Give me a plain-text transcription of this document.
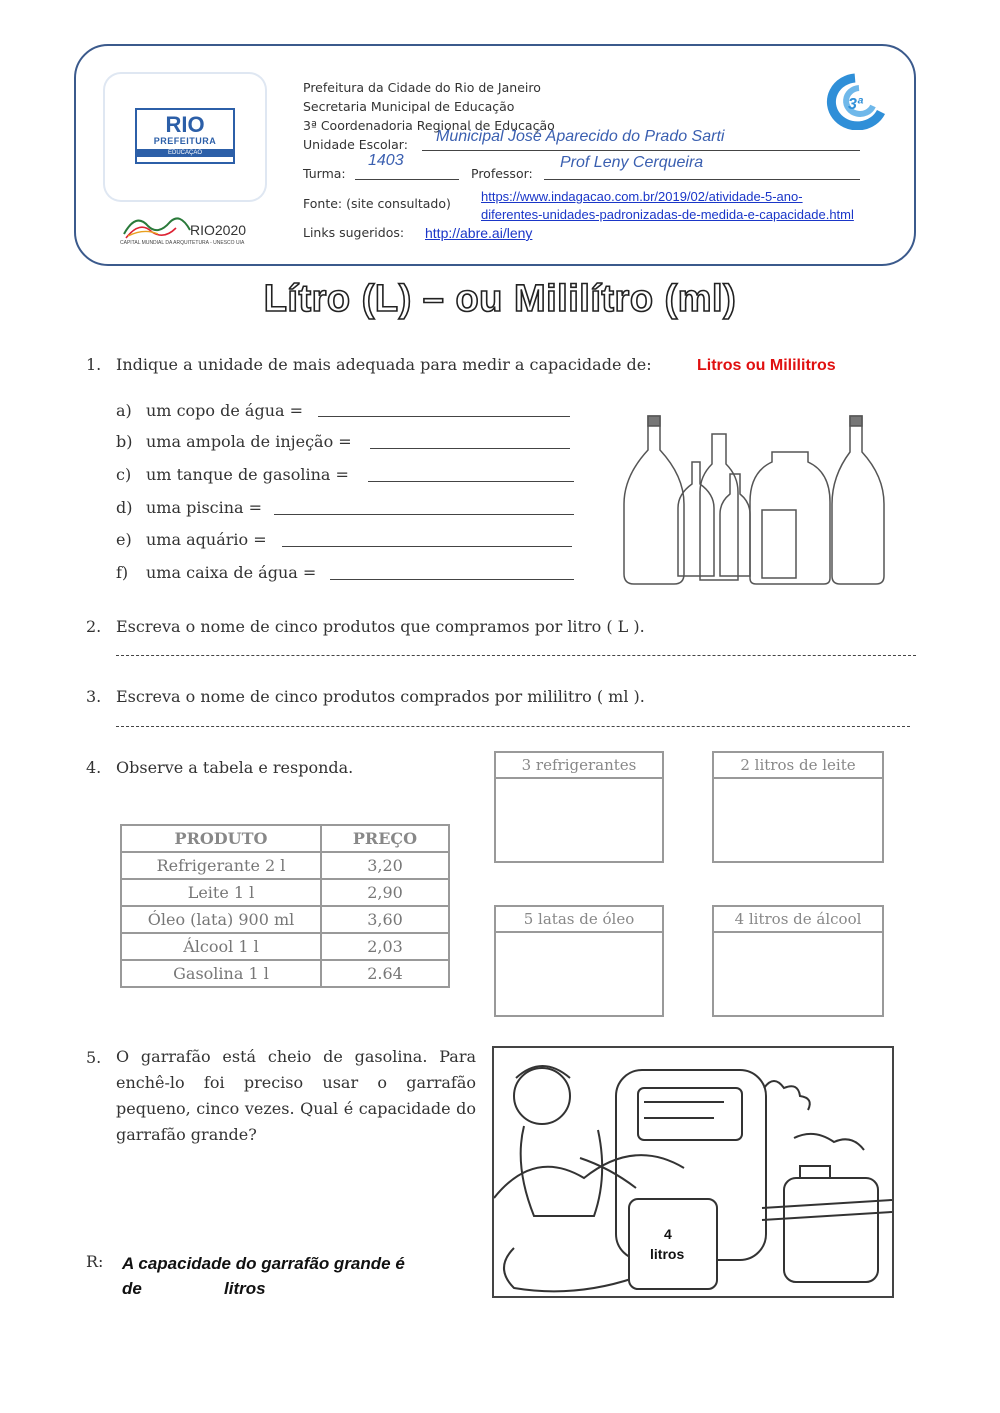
RIO
PREFEITURA
EDUCAÇÃO
RIO2020
CAPITAL MUNDIAL DA ARQUITETURA - UNESCO UIA
Prefeitura da Cidade do Rio de Janeiro
Secretaria Municipal de Educação
3ª Coordenadoria Regional de Educação
Unidade Escolar: Municipal José Aparecido do Prado Sarti
Turma:
1403
Professor:
Prof Leny Cerqueira
Fonte: (site consultado) https://www.indagacao.com.br/2019/02/atividade-5-ano-
diferentes-unidades-padronizadas-de-medida-e-capacidade.html
Links sugeridos: http://abre.ai/leny
3ª
Lítro (L) – ou Mililítro (ml)
1. Indique a unidade de mais adequada para medir a capacidade de:	Litros ou Mililitros
a) um copo de água =
b) uma ampola de injeção =
c) um tanque de gasolina =
d) uma piscina =
e) uma aquário =
f) uma caixa de água =
2. Escreva o nome de cinco produtos que compramos por litro ( L ).
3. Escreva o nome de cinco produtos comprados por mililitro ( ml ).
4. Observe a tabela e responda.
PRODUTO	PREÇO
Refrigerante 2 l	3,20
Leite 1 l	2,90
Óleo (lata) 900 ml	3,60
Álcool 1 l	2,03
Gasolina 1 l	2.64
3 refrigerantes	2 litros de leite
5 latas de óleo	4 litros de álcool
5. O garrafão está cheio de gasolina. Para enchê-lo foi preciso usar o garrafão pequeno, cinco vezes. Qual é capacidade do garrafão grande?
R: A capacidade do garrafão grande é
de	litros
4
litros
